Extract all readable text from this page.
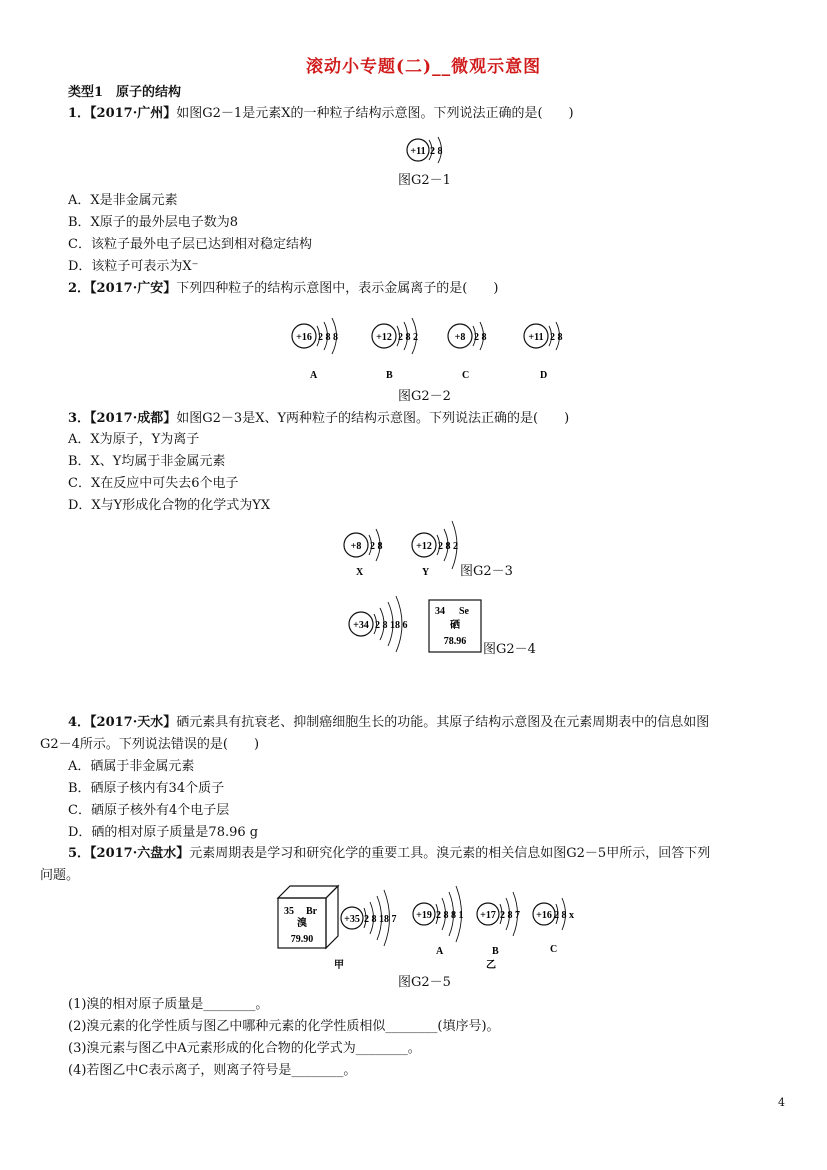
滚动小专题(二)__微观示意图
类型1　原子的结构
1．【2017·广州】如图G2－1是元素X的一种粒子结构示意图。下列说法正确的是(　　)
+11 2 8
图G2－1
A．X是非金属元素
B．X原子的最外层电子数为8
C．该粒子最外电子层已达到相对稳定结构
D．该粒子可表示为X⁻
2．【2017·广安】下列四种粒子的结构示意图中，表示金属离子的是(　　)
+16 2 8 8
A
+12 2 8 2
B
+8 2 8
C
+11 2 8
D
图G2－2
3．【2017·成都】如图G2－3是X、Y两种粒子的结构示意图。下列说法正确的是(　　)
A．X为原子，Y为离子
B．X、Y均属于非金属元素
C．X在反应中可失去6个电子
D．X与Y形成化合物的化学式为YX
+8 2 8
X
+12 2 8 2
Y 图G2－3
+34 2 8 18 6
34 Se
硒
78.96
图G2－4
4．【2017·天水】硒元素具有抗衰老、抑制癌细胞生长的功能。其原子结构示意图及在元素周期表中的信息如图
G2－4所示。下列说法错误的是(　　)
A．硒属于非金属元素
B．硒原子核内有34个质子
C．硒原子核外有4个电子层
D．硒的相对原子质量是78.96 g
5．【2017·六盘水】元素周期表是学习和研究化学的重要工具。溴元素的相关信息如图G2－5甲所示，回答下列
问题。
35 Br
溴
79.90
甲
+35 2 8 18 7 +19 2 8 8 1
A
+17 2 8 7
B
乙
+16 2 8 x
C
图G2－5
(1)溴的相对原子质量是________。
(2)溴元素的化学性质与图乙中哪种元素的化学性质相似________(填序号)。
(3)溴元素与图乙中A元素形成的化合物的化学式为________。
(4)若图乙中C表示离子，则离子符号是________。
4
